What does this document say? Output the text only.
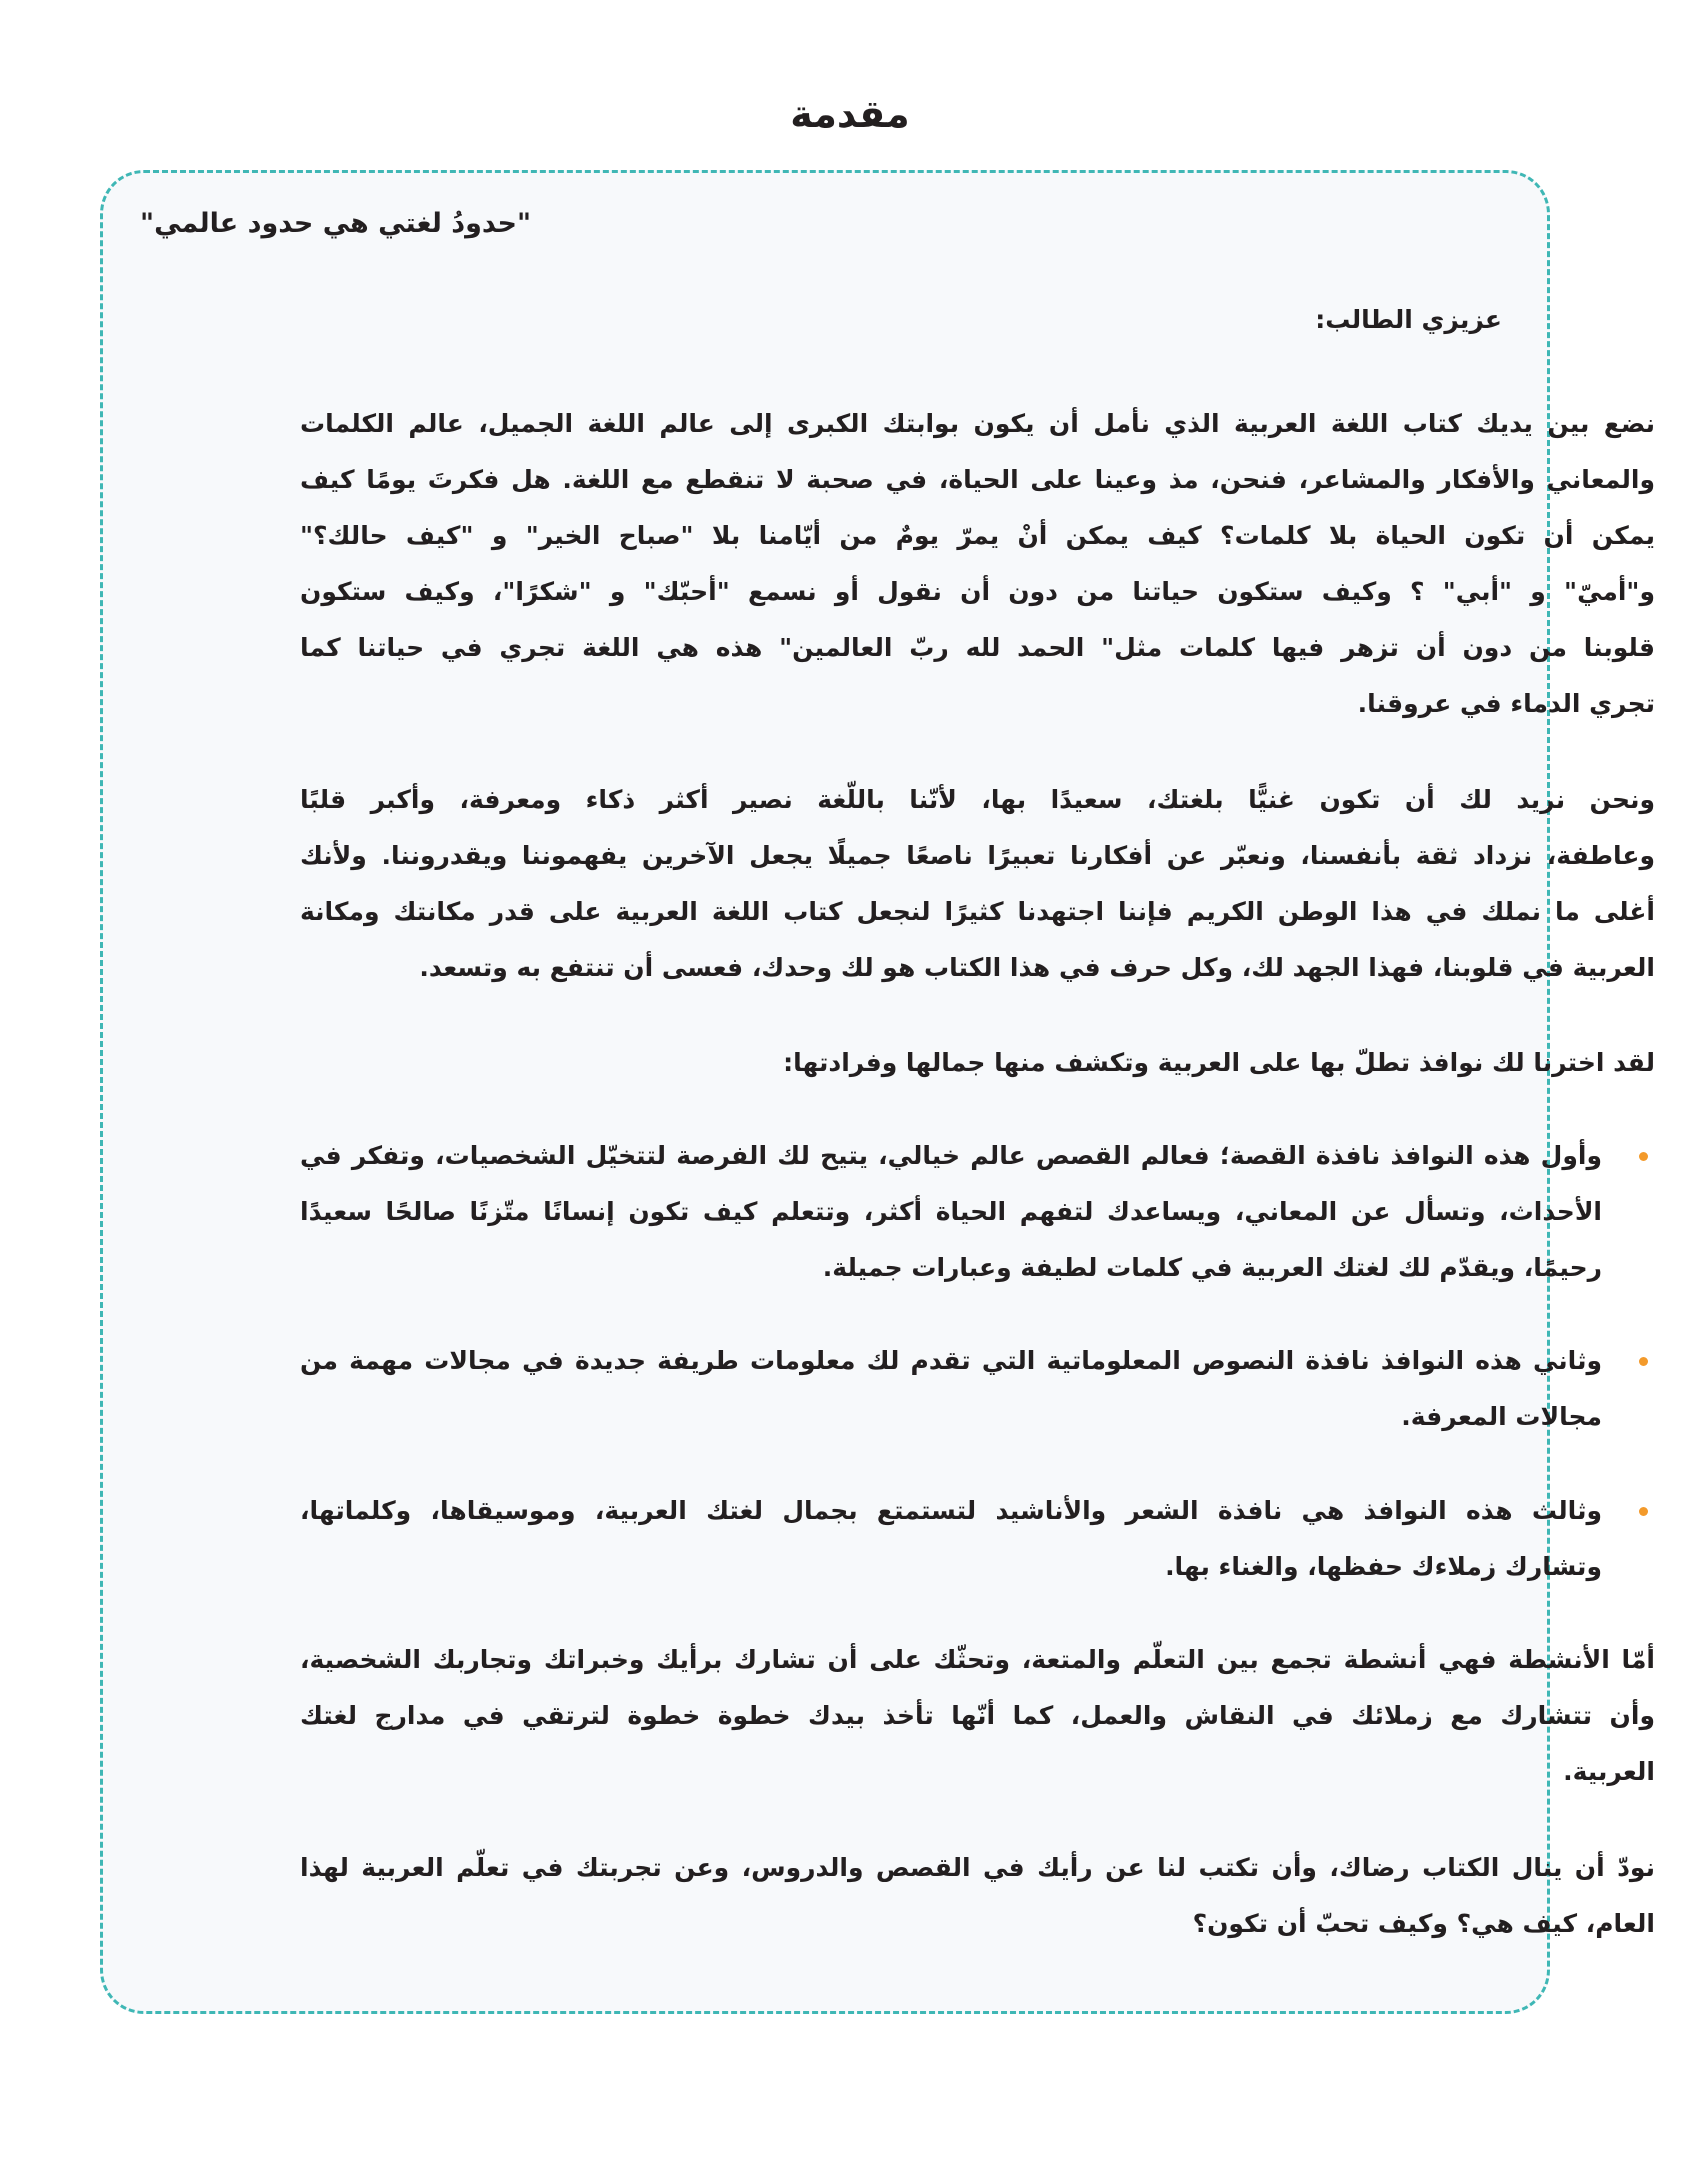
مقدمة
"حدودُ لغتي هي حدود عالمي"
عزيزي الطالب:
نضع بين يديك كتاب اللغة العربية الذي نأمل أن يكون بوابتك الكبرى إلى عالم اللغة الجميل، عالم الكلمات
والمعاني والأفكار والمشاعر، فنحن، مذ وعينا على الحياة، في صحبة لا تنقطع مع اللغة. هل فكرتَ يومًا كيف
يمكن أن تكون الحياة بلا كلمات؟ كيف يمكن أنْ يمرّ يومٌ من أيّامنا بلا "صباح الخير" و "كيف حالك؟"
و"أميّ" و "أبي" ؟ وكيف ستكون حياتنا من دون أن نقول أو نسمع "أحبّك" و "شكرًا"، وكيف ستكون
قلوبنا من دون أن تزهر فيها كلمات مثل" الحمد لله ربّ العالمين" هذه هي اللغة تجري في حياتنا كما
تجري الدماء في عروقنا.
ونحن نريد لك أن تكون غنيًّا بلغتك، سعيدًا بها، لأنّنا باللّغة نصير أكثر ذكاء ومعرفة، وأكبر قلبًا
وعاطفة، نزداد ثقة بأنفسنا، ونعبّر عن أفكارنا تعبيرًا ناصعًا جميلًا يجعل الآخرين يفهموننا ويقدروننا. ولأنك
أغلى ما نملك في هذا الوطن الكريم فإننا اجتهدنا كثيرًا لنجعل كتاب اللغة العربية على قدر مكانتك ومكانة
العربية في قلوبنا، فهذا الجهد لك، وكل حرف في هذا الكتاب هو لك وحدك، فعسى أن تنتفع به وتسعد.
لقد اخترنا لك نوافذ تطلّ بها على العربية وتكشف منها جمالها وفرادتها:
وأول هذه النوافذ نافذة القصة؛ فعالم القصص عالم خيالي، يتيح لك الفرصة لتتخيّل الشخصيات، وتفكر في
الأحداث، وتسأل عن المعاني، ويساعدك لتفهم الحياة أكثر، وتتعلم كيف تكون إنسانًا متّزنًا صالحًا سعيدًا
رحيمًا، ويقدّم لك لغتك العربية في كلمات لطيفة وعبارات جميلة.
وثاني هذه النوافذ نافذة النصوص المعلوماتية التي تقدم لك معلومات طريفة جديدة في مجالات مهمة من
مجالات المعرفة.
وثالث هذه النوافذ هي نافذة الشعر والأناشيد لتستمتع بجمال لغتك العربية، وموسيقاها، وكلماتها،
وتشارك زملاءك حفظها، والغناء بها.
أمّا الأنشطة فهي أنشطة تجمع بين التعلّم والمتعة، وتحثّك على أن تشارك برأيك وخبراتك وتجاربك الشخصية،
وأن تتشارك مع زملائك في النقاش والعمل، كما أنّها تأخذ بيدك خطوة خطوة لترتقي في مدارج لغتك
العربية.
نودّ أن ينال الكتاب رضاك، وأن تكتب لنا عن رأيك في القصص والدروس، وعن تجربتك في تعلّم العربية لهذا
العام، كيف هي؟ وكيف تحبّ أن تكون؟
